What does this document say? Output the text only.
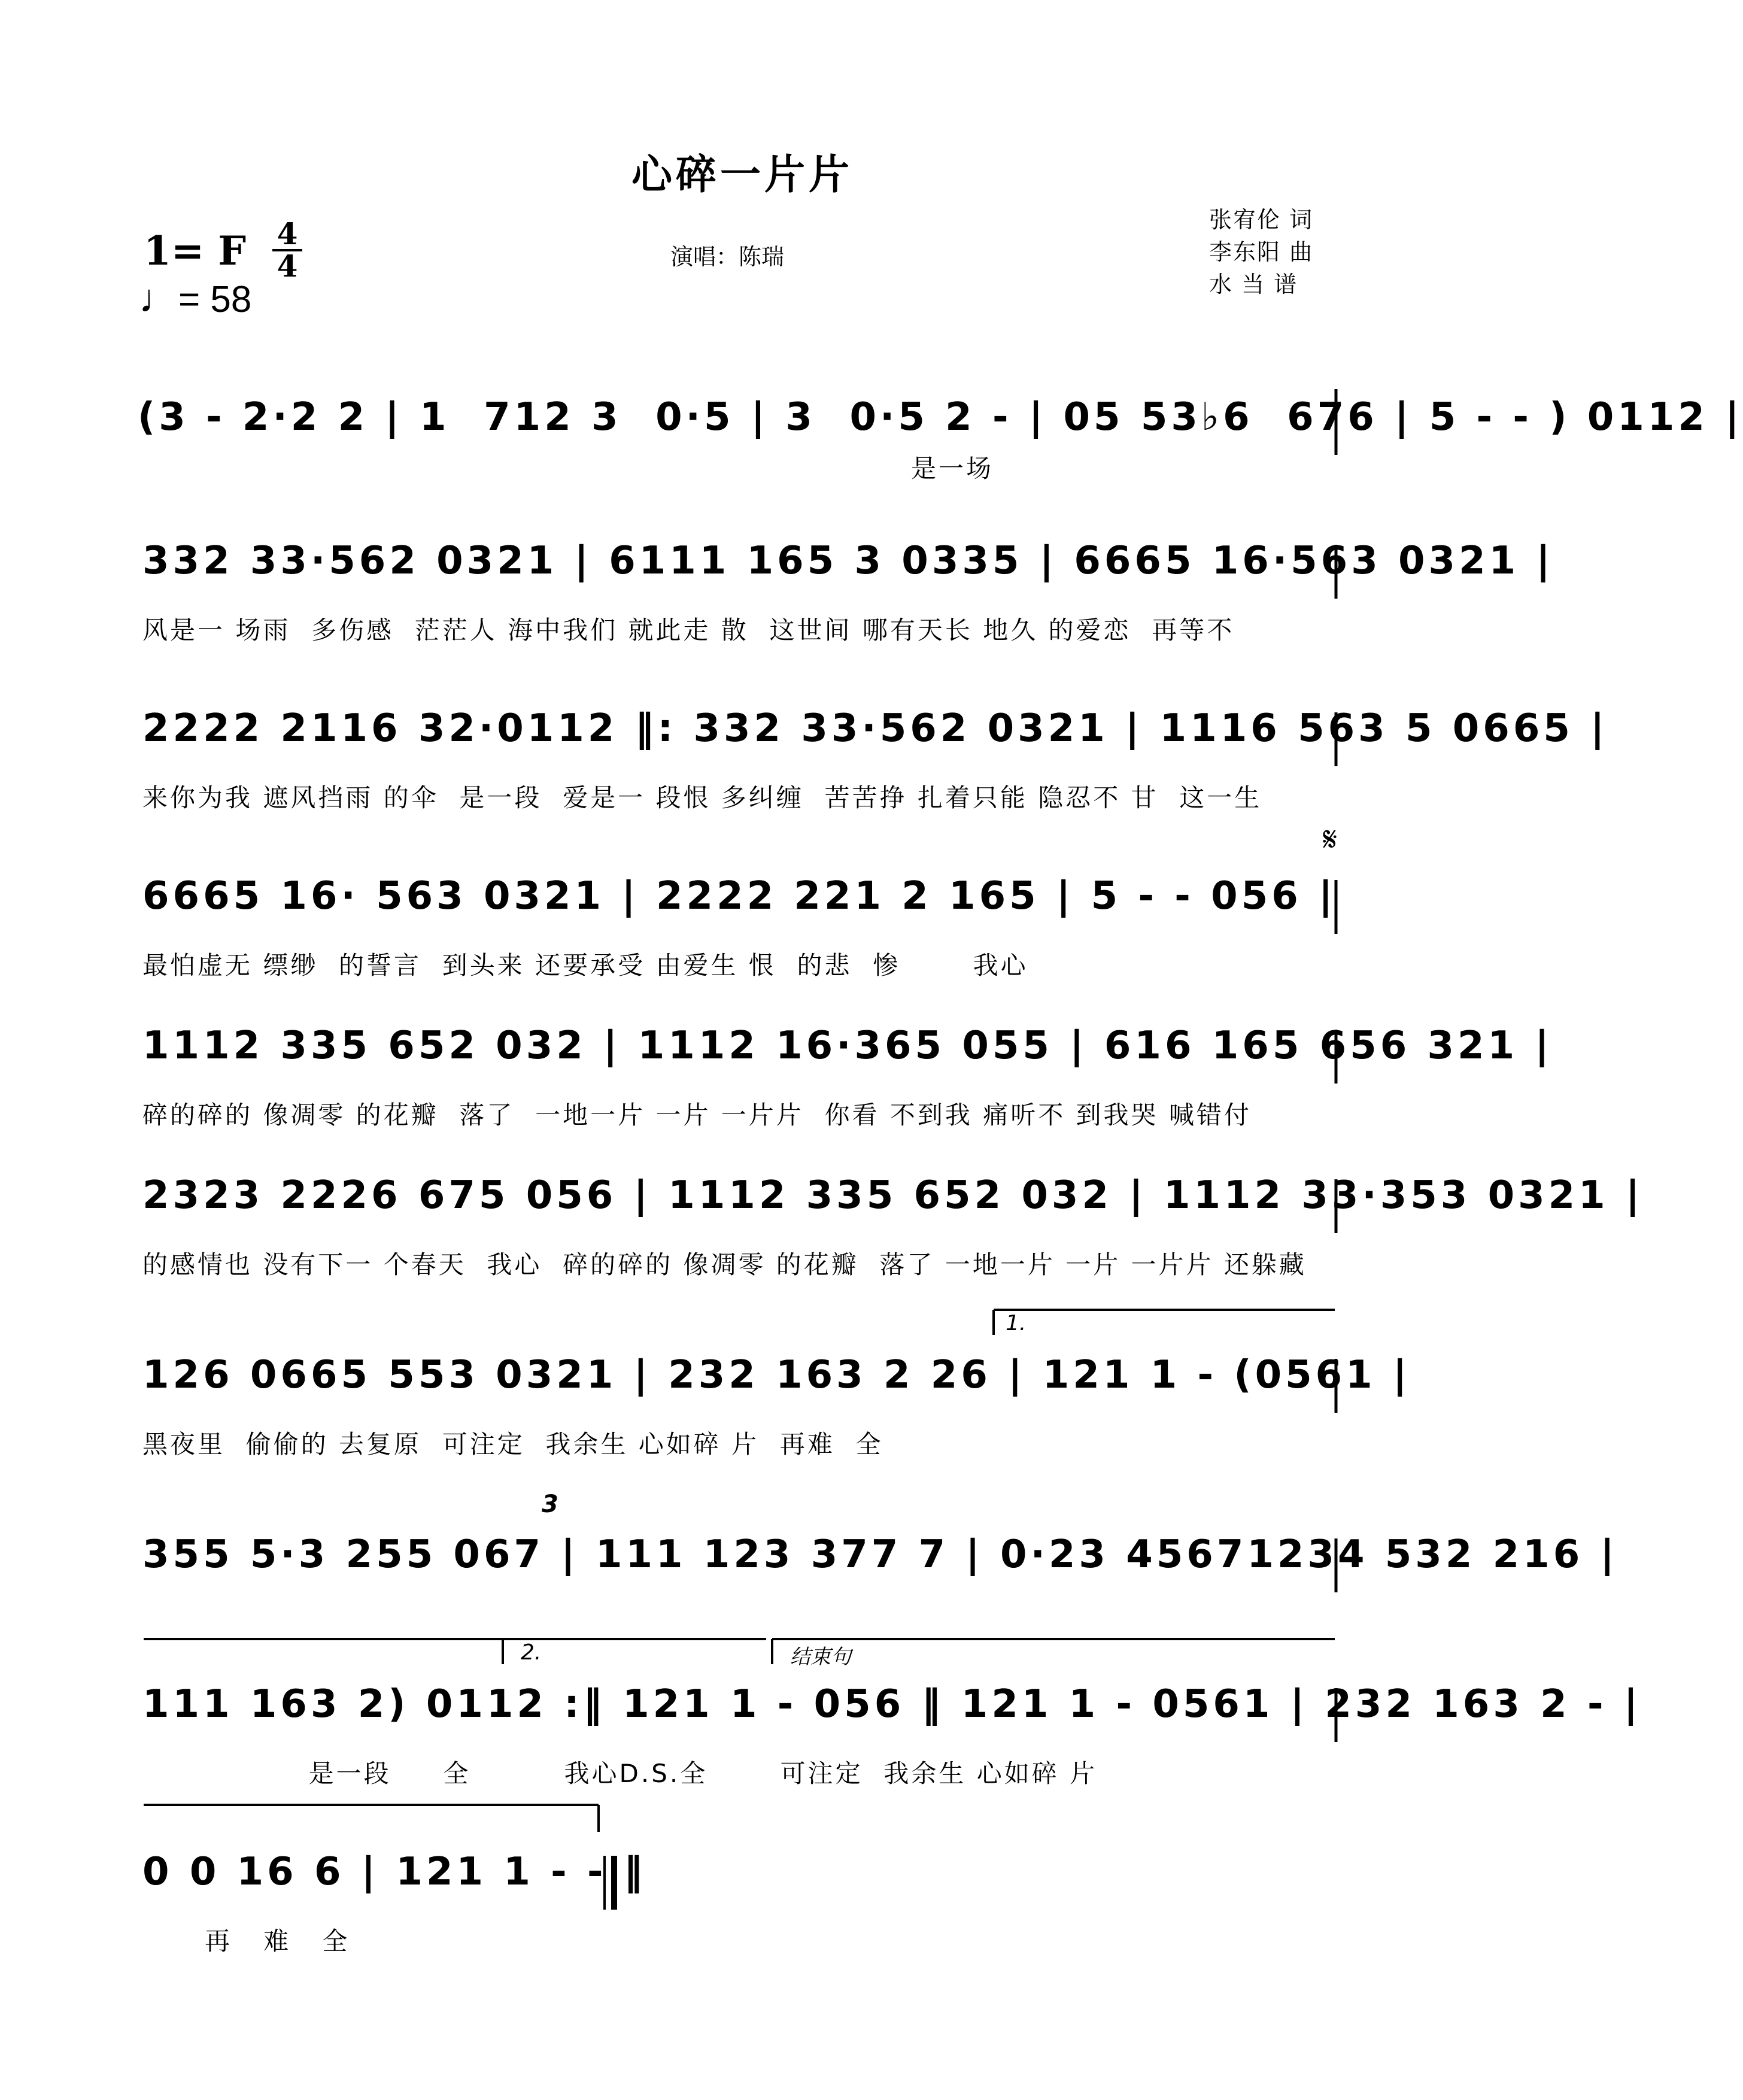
心碎一片片
1= F 4
4
♩= 58
演唱：陈瑞
张宥伦 词
李东阳 曲
水 当 谱
(3 - 2·2 2 | 1  712 3  0·5 | 3  0·5 2 - | 05 53♭6  676 | 5 - - ) 0112 |
是一场
332 33·562 0321 | 6111 165 3 0335 | 6665 16·563 0321 |
风是一 场雨  多伤感  茫茫人 海中我们 就此走 散  这世间 哪有天长 地久 的爱恋  再等不
2222 2116 32·0112 ‖: 332 33·562 0321 | 1116 563 5 0665 |
来你为我 遮风挡雨 的伞  是一段  爱是一 段恨 多纠缠  苦苦挣 扎着只能 隐忍不 甘  这一生
𝄋
6665 16· 563 0321 | 2222 221 2 165 | 5 - - 056 |
最怕虚无 缥缈  的誓言  到头来 还要承受 由爱生 恨  的悲  惨       我心
1112 335 652 032 | 1112 16·365 055 | 616 165 656 321 |
碎的碎的 像凋零 的花瓣  落了  一地一片 一片 一片片  你看 不到我 痛听不 到我哭 喊错付
2323 2226 675 056 | 1112 335 652 032 | 1112 33·353 0321 |
的感情也 没有下一 个春天  我心  碎的碎的 像凋零 的花瓣  落了 一地一片 一片 一片片 还躲藏
1.
126 0665 553 0321 | 232 163 2 26 | 121 1 - (0561 |
黑夜里  偷偷的 去复原  可注定  我余生 心如碎 片  再难  全
3
355 5·3 255 067 | 111 123 377 7 | 0·23 45671234 532 216 |
2.	结束句
111 163 2) 0112 :‖ 121 1 - 056 ‖ 121 1 - 0561 | 232 163 2 - |
是一段     全         我心D.S.全       可注定  我余生 心如碎 片
0 0 16 6 | 121 1 - - ‖
再   难   全
